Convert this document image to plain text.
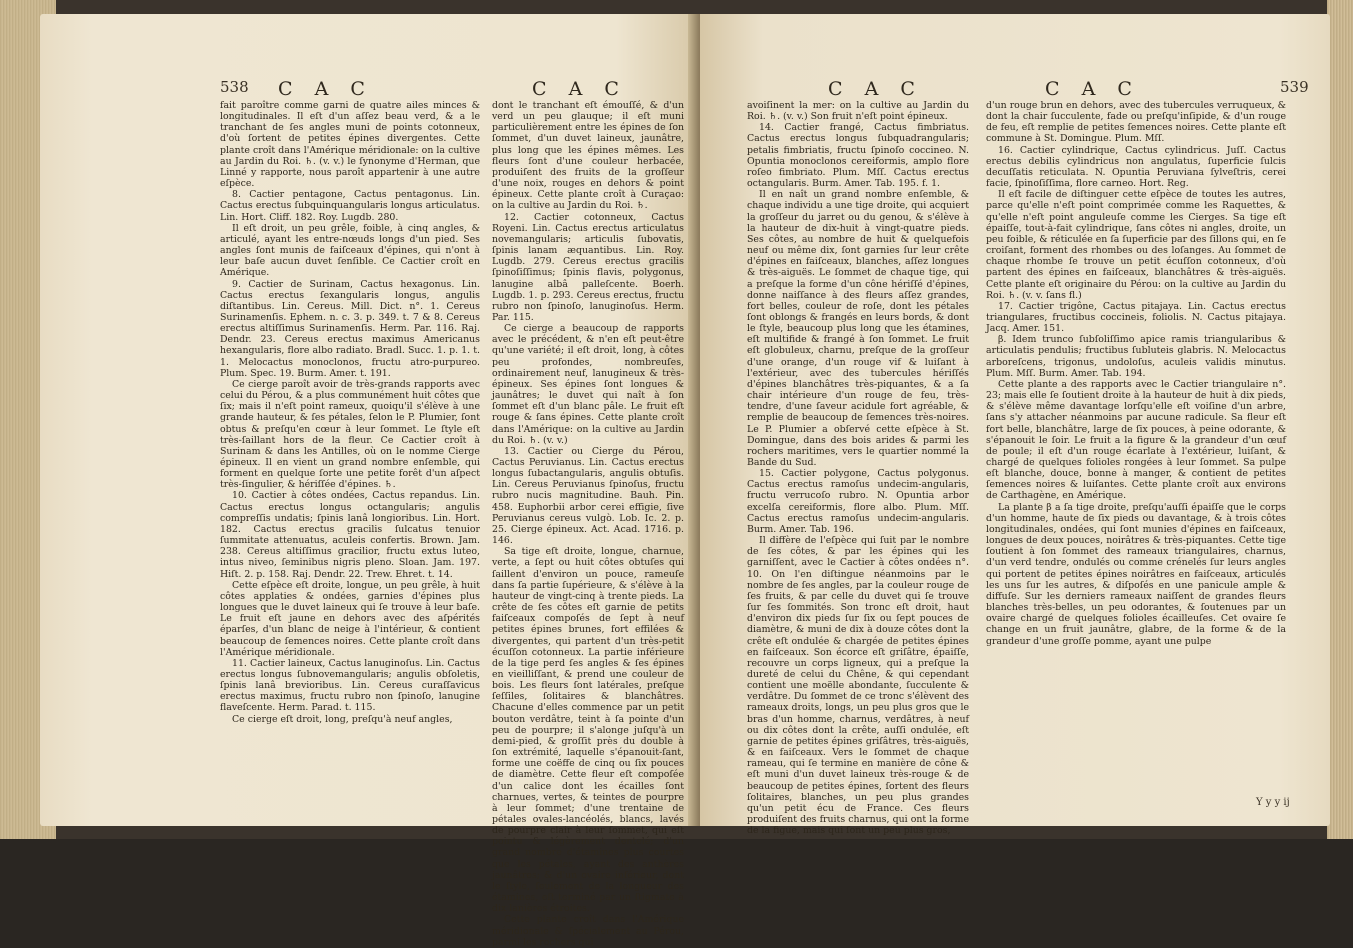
538 C A C	C A C

fait paroître comme garni de quatre ailes minces & longitudinales. Il eſt d'un aſſez beau verd, & a le tranchant de ſes angles muni de points cotonneux, d'où ſortent de petites épines divergentes. Cette plante croît dans l'Amérique méridionale: on la cultive au Jardin du Roi. ♄. (v. v.) le ſynonyme d'Herman, que Linné y rapporte, nous paroît appartenir à une autre eſpèce.

8. Cactier pentagone, Cactus pentagonus. Lin. Cactus erectus ſubquinquangularis longus articulatus. Lin. Hort. Cliff. 182. Roy. Lugdb. 280.

Il eſt droit, un peu grêle, foible, à cinq angles, & articulé, ayant les entre-nœuds longs d'un pied. Ses angles ſont munis de faiſceaux d'épines, qui n'ont à leur baſe aucun duvet ſenſible. Ce Cactier croît en Amérique.

9. Cactier de Surinam, Cactus hexagonus. Lin. Cactus erectus ſexangularis longus, angulis diſtantibus. Lin. Cereus. Mill. Dict. n°. 1. Cereus Surinamenſis. Ephem. n. c. 3. p. 349. t. 7 & 8. Cereus erectus altiſſimus Surinamenſis. Herm. Par. 116. Raj. Dendr. 23. Cereus erectus maximus Americanus hexangularis, flore albo radiato. Bradl. Succ. 1. p. 1. t. 1. Melocactus monoclonos, fructu atro-purpureo. Plum. Spec. 19. Burm. Amer. t. 191.

Ce cierge paroît avoir de très-grands rapports avec celui du Pérou, & a plus communément huit côtes que ſix; mais il n'eſt point rameux, quoiqu'il s'élève à une grande hauteur, & ſes pétales, ſelon le P. Plumier, ſont obtus & preſqu'en cœur à leur ſommet. Le ſtyle eſt très-ſaillant hors de la fleur. Ce Cactier croît à Surinam & dans les Antilles, où on le nomme Cierge épineux. Il en vient un grand nombre enſemble, qui forment en quelque ſorte une petite forêt d'un aſpect très-ſingulier, & hériſſée d'épines. ♄.

10. Cactier à côtes ondées, Cactus repandus. Lin. Cactus erectus longus octangularis; angulis compreſſis undatis; ſpinis lanâ longioribus. Lin. Hort. 182. Cactus erectus gracilis ſulcatus tenuior ſummitate attenuatus, aculeis confertis. Brown. Jam. 238. Cereus altiſſimus gracilior, fructu extus luteo, intus niveo, ſeminibus nigris pleno. Sloan. Jam. 197. Hiſt. 2. p. 158. Raj. Dendr. 22. Trew. Ehret. t. 14.

Cette eſpèce eſt droite, longue, un peu grêle, à huit côtes applaties & ondées, garnies d'épines plus longues que le duvet laineux qui ſe trouve à leur baſe. Le fruit eſt jaune en dehors avec des aſpérités éparſes, d'un blanc de neige à l'intérieur, & contient beaucoup de ſemences noires. Cette plante croît dans l'Amérique méridionale.

11. Cactier laineux, Cactus lanuginoſus. Lin. Cactus erectus longus ſubnovemangularis; angulis obſoletis, ſpinis lanâ brevioribus. Lin. Cereus curaſſavicus erectus maximus, fructu rubro non ſpinoſo, lanugine flaveſcente. Herm. Parad. t. 115.

Ce cierge eſt droit, long, preſqu'à neuf angles,

dont le tranchant eſt émouſſé, & d'un verd un peu glauque; il eſt muni particulièrement entre les épines de ſon ſommet, d'un duvet laineux, jaunâtre, plus long que les épines mêmes. Les fleurs ſont d'une couleur herbacée, produiſent des fruits de la groſſeur d'une noix, rouges en dehors & point épineux. Cette plante croît à Curaçao: on la cultive au Jardin du Roi. ♄.

12. Cactier cotonneux, Cactus Royeni. Lin. Cactus erectus articulatus novemangularis; articulis ſubovatis, ſpinis lanam æquantibus. Lin. Roy. Lugdb. 279. Cereus erectus gracilis ſpinoſiſſimus; ſpinis flavis, polygonus, lanugine albâ palleſcente. Boerh. Lugdb. 1. p. 293. Cereus erectus, fructu rubro non ſpinoſo, lanuginoſus. Herm. Par. 115.

Ce cierge a beaucoup de rapports avec le précédent, & n'en eſt peut-être qu'une variété; il eſt droit, long, à côtes peu profondes, nombreuſes, ordinairement neuf, lanugineux & très-épineux. Ses épines ſont longues & jaunâtres; le duvet qui naît à ſon ſommet eſt d'un blanc pâle. Le fruit eſt rouge & ſans épines. Cette plante croît dans l'Amérique: on la cultive au Jardin du Roi. ♄. (v. v.)

13. Cactier ou Cierge du Pérou, Cactus Peruvianus. Lin. Cactus erectus longus ſubactangularis, angulis obtuſis. Lin. Cereus Peruvianus ſpinoſus, fructu rubro nucis magnitudine. Bauh. Pin. 458. Euphorbii arbor cerei effigie, ſive Peruvianus cereus vulgò. Lob. Ic. 2. p. 25. Cierge épineux. Act. Acad. 1716. p. 146.

Sa tige eſt droite, longue, charnue, verte, a ſept ou huit côtes obtuſes qui ſaillent d'environ un pouce, rameuſe dans ſa partie ſupérieure, & s'élève à la hauteur de vingt-cinq à trente pieds. La crête de ſes côtes eſt garnie de petits faiſceaux compoſés de ſept à neuf petites épines brunes, fort effilées & divergentes, qui partent d'un très-petit écuſſon cotonneux. La partie inférieure de la tige perd ſes angles & ſes épines en vieilliſſant, & prend une couleur de bois. Les fleurs ſont latérales, preſque ſeſſiles, ſolitaires & blanchâtres. Chacune d'elles commence par un petit bouton verdâtre, teint à ſa pointe d'un peu de pourpre; il s'alonge juſqu'à un demi-pied, & groſſit près du double à ſon extrémité, laquelle s'épanouit-ſant, forme une coëffe de cinq ou ſix pouces de diamètre. Cette fleur eſt compoſée d'un calice dont les écailles ſont charnues, vertes, & teintes de pourpre à leur ſommet; d'une trentaine de pétales ovales-lancéolés, blancs, lavés de pourpre clair à leur ſommet, qui eſt pointu & légèrement dentelé; d'un grand nombre d'étamines plus courtes que les pétales, ayant des anthères jaunâtres; & d'un ovaire inférieur, dont le ſtyle, ſeulement de la longueur des étamines, eſt terminé par un ſtigmate à dix lanières étroites.

Cette plante croît dans l'Amérique méridionale & ſpécialement au Pérou, parmi les rochers qui

C A C	C A C	539

avoiſinent la mer: on la cultive au Jardin du Roi. ♄. (v. v.) Son fruit n'eſt point épineux.

14. Cactier frangé, Cactus fimbriatus. Cactus erectus longus ſubquadrangularis; petalis fimbriatis, fructu ſpinoſo coccineo. N. Opuntia monoclonos cereiformis, amplo flore roſeo fimbriato. Plum. Mſſ. Cactus erectus octangularis. Burm. Amer. Tab. 195. f. 1.

Il en naît un grand nombre enſemble, & chaque individu a une tige droite, qui acquiert la groſſeur du jarret ou du genou, & s'élève à la hauteur de dix-huit à vingt-quatre pieds. Ses côtes, au nombre de huit & quelquefois neuf ou même dix, ſont garnies ſur leur crête d'épines en faiſceaux, blanches, aſſez longues & très-aiguës. Le ſommet de chaque tige, qui a preſque la forme d'un cône hériſſé d'épines, donne naiſſance à des fleurs aſſez grandes, fort belles, couleur de roſe, dont les pétales ſont oblongs & frangés en leurs bords, & dont le ſtyle, beaucoup plus long que les étamines, eſt multifide & frangé à ſon ſommet. Le fruit eſt globuleux, charnu, preſque de la groſſeur d'une orange, d'un rouge vif & luiſant à l'extérieur, avec des tubercules hériſſés d'épines blanchâtres très-piquantes, & a ſa chair intérieure d'un rouge de feu, très-tendre, d'une ſaveur acidule fort agréable, & remplie de beaucoup de ſemences très-noires. Le P. Plumier a obſervé cette eſpèce à St. Domingue, dans des bois arides & parmi les rochers maritimes, vers le quartier nommé la Bande du Sud.

15. Cactier polygone, Cactus polygonus. Cactus erectus ramoſus undecim-angularis, fructu verrucoſo rubro. N. Opuntia arbor excelſa cereiformis, flore albo. Plum. Mſſ. Cactus erectus ramoſus undecim-angularis. Burm. Amer. Tab. 196.

Il diffère de l'eſpèce qui ſuit par le nombre de ſes côtes, & par les épines qui les garniſſent, avec le Cactier à côtes ondées n°. 10. On l'en diſtingue néanmoins par le nombre de ſes angles, par la couleur rouge de ſes fruits, & par celle du duvet qui ſe trouve ſur ſes ſommités. Son tronc eſt droit, haut d'environ dix pieds ſur ſix ou ſept pouces de diamètre, & muni de dix à douze côtes dont la crête eſt ondulée & chargée de petites épines en faiſceaux. Son écorce eſt griſâtre, épaiſſe, recouvre un corps ligneux, qui a preſque la dureté de celui du Chêne, & qui cependant contient une moëlle abondante, ſucculente & verdâtre. Du ſommet de ce tronc s'élèvent des rameaux droits, longs, un peu plus gros que le bras d'un homme, charnus, verdâtres, à neuf ou dix côtes dont la crête, auſſi ondulée, eſt garnie de petites épines griſâtres, très-aiguës, & en faiſceaux. Vers le ſommet de chaque rameau, qui ſe termine en manière de cône & eſt muni d'un duvet laineux très-rouge & de beaucoup de petites épines, ſortent des fleurs ſolitaires, blanches, un peu plus grandes qu'un petit écu de France. Ces fleurs produiſent des fruits charnus, qui ont la forme de la figue, mais qui ſont un peu plus gros,

d'un rouge brun en dehors, avec des tubercules verruqueux, & dont la chair ſucculente, fade ou preſqu'inſipide, & d'un rouge de feu, eſt remplie de petites ſemences noires. Cette plante eſt commune à St. Domingue. Plum. Mſſ.

16. Cactier cylindrique, Cactus cylindricus. Juſſ. Cactus erectus debilis cylindricus non angulatus, ſuperficie ſulcis decuſſatis reticulata. N. Opuntia Peruviana ſylveſtris, cerei facie, ſpinoſiſſima, flore carneo. Hort. Reg.

Il eſt facile de diſtinguer cette eſpèce de toutes les autres, parce qu'elle n'eſt point comprimée comme les Raquettes, & qu'elle n'eſt point anguleuſe comme les Cierges. Sa tige eſt épaiſſe, tout-à-fait cylindrique, ſans côtes ni angles, droite, un peu foible, & réticulée en ſa ſuperficie par des ſillons qui, en ſe croiſant, forment des rhombes ou des loſanges. Au ſommet de chaque rhombe ſe trouve un petit écuſſon cotonneux, d'où partent des épines en faiſceaux, blanchâtres & très-aiguës. Cette plante eſt originaire du Pérou: on la cultive au Jardin du Roi. ♄. (v. v. ſans fl.)

17. Cactier trigône, Cactus pitajaya. Lin. Cactus erectus triangulares, fructibus coccineis, foliolis. N. Cactus pitajaya. Jacq. Amer. 151.

β. Idem trunco ſubſoliſſimo apice ramis triangularibus & articulatis pendulis; fructibus ſubluteis glabris. N. Melocactus arboreſcens, trigonus, undoloſus, aculeis validis minutus. Plum. Mſſ. Burm. Amer. Tab. 194.

Cette plante a des rapports avec le Cactier triangulaire n°. 23; mais elle ſe ſoutient droite à la hauteur de huit à dix pieds, & s'élève même davantage lorſqu'elle eſt voiſine d'un arbre, ſans s'y attacher néanmoins par aucune radicule. Sa fleur eſt fort belle, blanchâtre, large de ſix pouces, à peine odorante, & s'épanouit le ſoir. Le fruit a la figure & la grandeur d'un œuf de poule; il eſt d'un rouge écarlate à l'extérieur, luiſant, & chargé de quelques folioles rongées à leur ſommet. Sa pulpe eſt blanche, douce, bonne à manger, & contient de petites ſemences noires & luiſantes. Cette plante croît aux environs de Carthagène, en Amérique.

La plante β a ſa tige droite, preſqu'auſſi épaiſſe que le corps d'un homme, haute de ſix pieds ou davantage, & à trois côtes longitudinales, ondées, qui ſont munies d'épines en faiſceaux, longues de deux pouces, noirâtres & très-piquantes. Cette tige ſoutient à ſon ſommet des rameaux triangulaires, charnus, d'un verd tendre, ondulés ou comme crénelés ſur leurs angles qui portent de petites épines noirâtres en faiſceaux, articulés les uns ſur les autres, & diſpoſés en une panicule ample & diffuſe. Sur les derniers rameaux naiſſent de grandes fleurs blanches très-belles, un peu odorantes, & ſoutenues par un ovaire chargé de quelques folioles écailleuſes. Cet ovaire ſe change en un fruit jaunâtre, glabre, de la forme & de la grandeur d'une groſſe pomme, ayant une pulpe

Y y y ij
